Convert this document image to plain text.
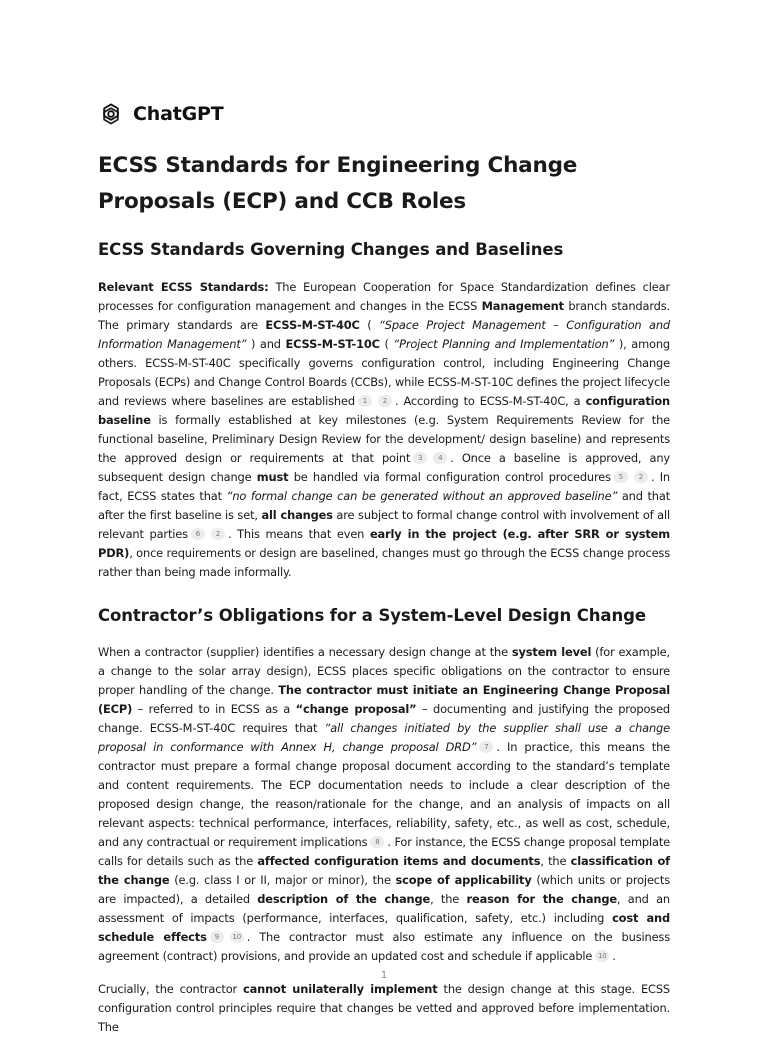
ChatGPT
ECSS Standards for Engineering Change Proposals (ECP) and CCB Roles
ECSS Standards Governing Changes and Baselines

Relevant ECSS Standards: The European Cooperation for Space Standardization defines clear processes for configuration management and changes in the ECSS Management branch standards. The primary standards are ECSS-M-ST-40C ( “Space Project Management – Configuration and Information Management” ) and ECSS-M-ST-10C ( “Project Planning and Implementation” ), among others. ECSS-M-ST-40C specifically governs configuration control, including Engineering Change Proposals (ECPs) and Change Control Boards (CCBs), while ECSS-M-ST-10C defines the project lifecycle and reviews where baselines are established 1 2 . According to ECSS-M-ST-40C, a configuration baseline is formally established at key milestones (e.g. System Requirements Review for the functional baseline, Preliminary Design Review for the development/ design baseline) and represents the approved design or requirements at that point 3 4 . Once a baseline is approved, any subsequent design change must be handled via formal configuration control procedures 5 2 . In fact, ECSS states that “no formal change can be generated without an approved baseline” and that after the first baseline is set, all changes are subject to formal change control with involvement of all relevant parties 6 2 . This means that even early in the project (e.g. after SRR or system PDR), once requirements or design are baselined, changes must go through the ECSS change process rather than being made informally.

Contractor’s Obligations for a System-Level Design Change

When a contractor (supplier) identifies a necessary design change at the system level (for example, a change to the solar array design), ECSS places specific obligations on the contractor to ensure proper handling of the change. The contractor must initiate an Engineering Change Proposal (ECP) – referred to in ECSS as a “change proposal” – documenting and justifying the proposed change. ECSS-M-ST-40C requires that “all changes initiated by the supplier shall use a change proposal in conformance with Annex H, change proposal DRD” 7 . In practice, this means the contractor must prepare a formal change proposal document according to the standard’s template and content requirements. The ECP documentation needs to include a clear description of the proposed design change, the reason/rationale for the change, and an analysis of impacts on all relevant aspects: technical performance, interfaces, reliability, safety, etc., as well as cost, schedule, and any contractual or requirement implications 8 . For instance, the ECSS change proposal template calls for details such as the affected configuration items and documents, the classification of the change (e.g. class I or II, major or minor), the scope of applicability (which units or projects are impacted), a detailed description of the change, the reason for the change, and an assessment of impacts (performance, interfaces, qualification, safety, etc.) including cost and schedule effects 9 10 . The contractor must also estimate any influence on the business agreement (contract) provisions, and provide an updated cost and schedule if applicable 10 .

Crucially, the contractor cannot unilaterally implement the design change at this stage. ECSS configuration control principles require that changes be vetted and approved before implementation. The

1
